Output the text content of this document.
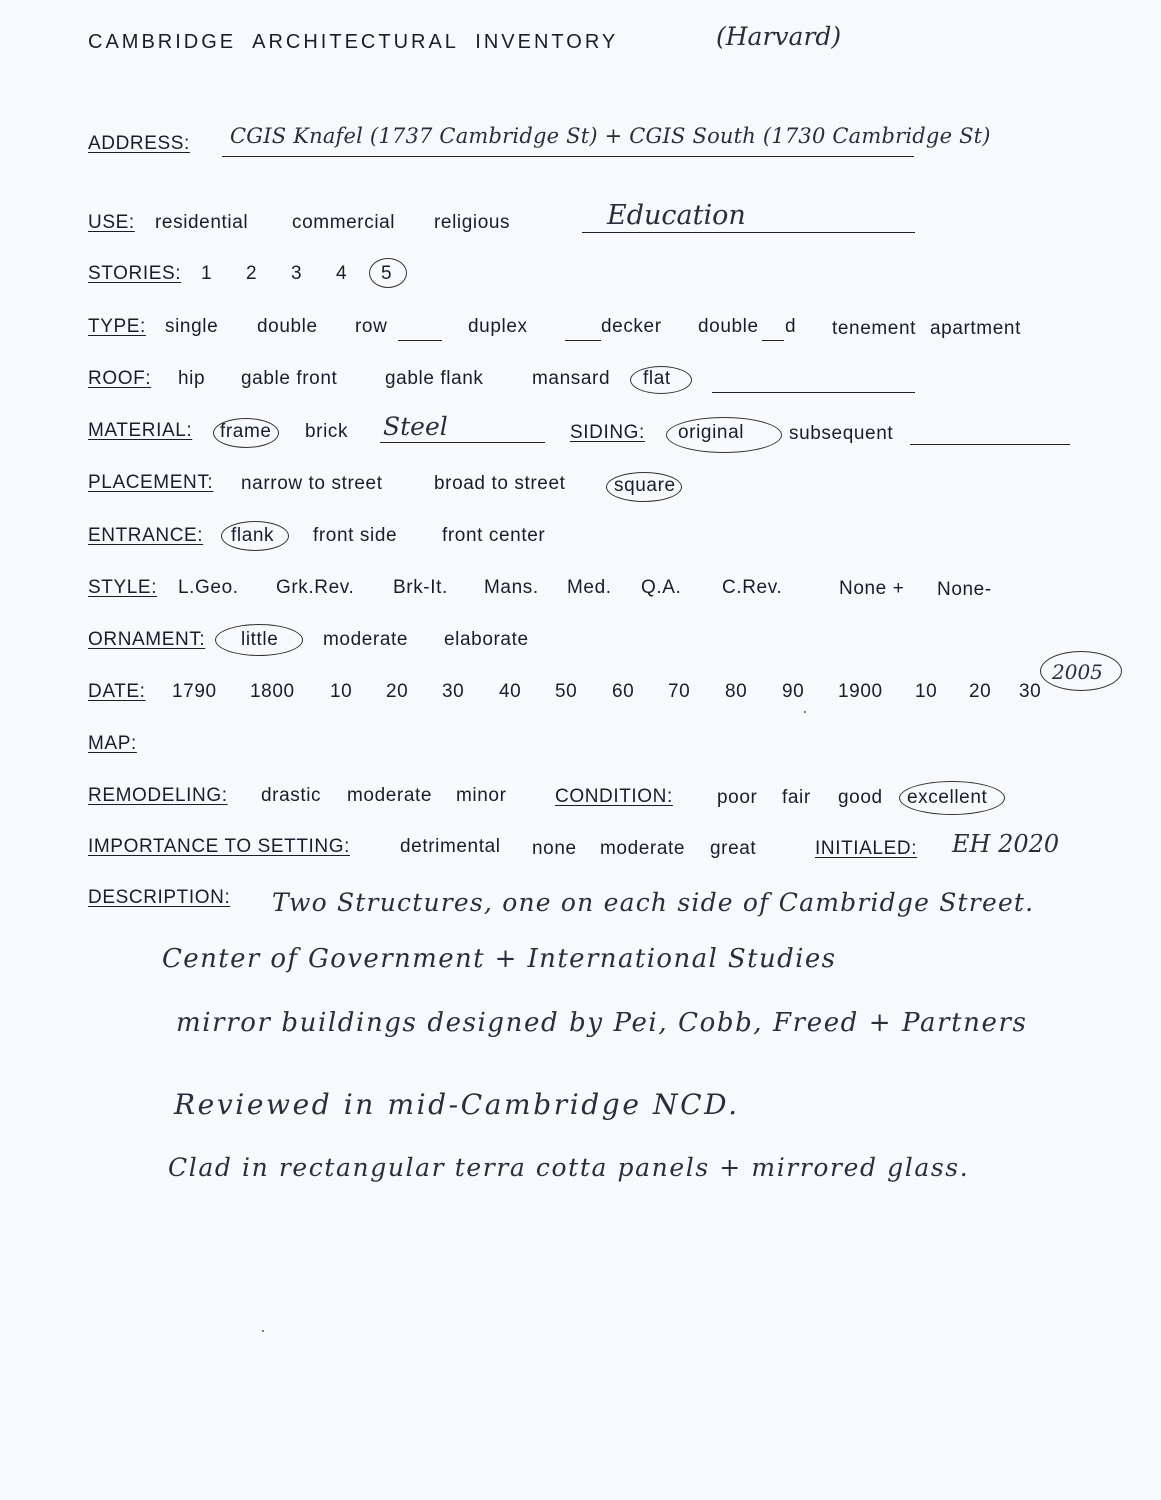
CAMBRIDGE  ARCHITECTURAL  INVENTORY	(Harvard)
ADDRESS: CGIS Knafel (1737 Cambridge St) + CGIS South (1730 Cambridge St)
USE: residential commercial religious	Education
STORIES: 1 2 3 4 5
TYPE: single double row	duplex	decker double d tenement apartment
ROOF: hip gable front	gable flank	mansard flat
MATERIAL: frame brick Steel	SIDING: original subsequent
PLACEMENT: narrow to street	broad to street	square
ENTRANCE: flank front side front center
STYLE: L.Geo. Grk.Rev. Brk-It. Mans. Med. Q.A. C.Rev.	None + None-
ORNAMENT: little moderate elaborate
DATE: 1790 1800 10 20 30 40 50 60 70 80 90 1900 10 20 30
2005
MAP:
REMODELING: drastic moderate minor	CONDITION: poor fair good excellent
IMPORTANCE TO SETTING:	detrimental none moderate great	INITIALED: EH 2020
DESCRIPTION: Two Structures, one on each side of Cambridge Street.
Center of Government + International Studies
mirror buildings designed by Pei, Cobb, Freed + Partners
Reviewed in mid-Cambridge NCD.
Clad in rectangular terra cotta panels + mirrored glass.
